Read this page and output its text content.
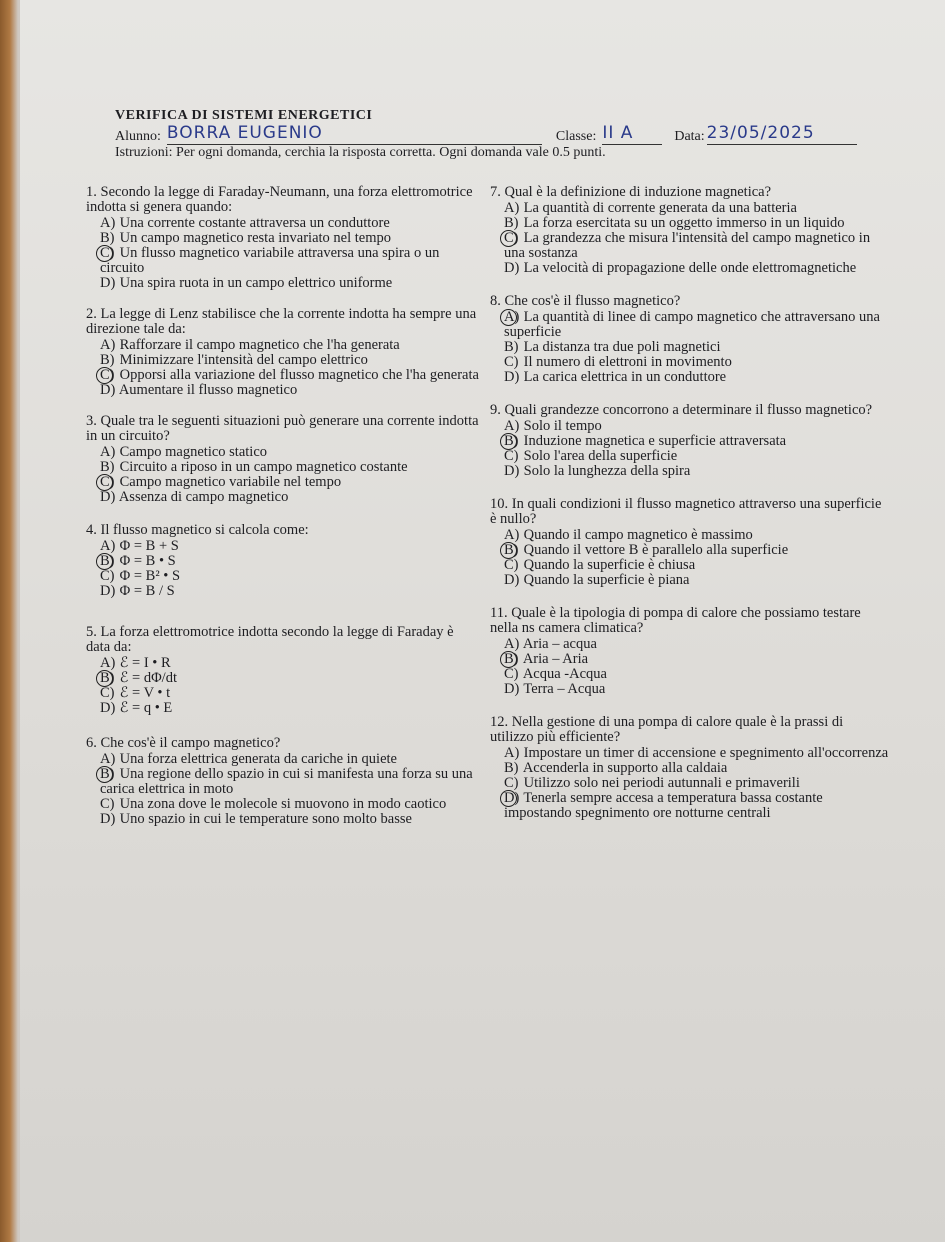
VERIFICA DI SISTEMI ENERGETICI
Alunno: BORRA EUGENIO	Classe: II A	Data: 23/05/2025
Istruzioni: Per ogni domanda, cerchia la risposta corretta. Ogni domanda vale 0.5 punti.
1. Secondo la legge di Faraday-Neumann, una forza elettromotrice indotta si genera quando:
A) Una corrente costante attraversa un conduttore
B) Un campo magnetico resta invariato nel tempo
C) Un flusso magnetico variabile attraversa una spira o un circuito
D) Una spira ruota in un campo elettrico uniforme
2. La legge di Lenz stabilisce che la corrente indotta ha sempre una direzione tale da:
A) Rafforzare il campo magnetico che l'ha generata
B) Minimizzare l'intensità del campo elettrico
C) Opporsi alla variazione del flusso magnetico che l'ha generata
D) Aumentare il flusso magnetico
3. Quale tra le seguenti situazioni può generare una corrente indotta in un circuito?
A) Campo magnetico statico
B) Circuito a riposo in un campo magnetico costante
C) Campo magnetico variabile nel tempo
D) Assenza di campo magnetico
4. Il flusso magnetico si calcola come:
A) Φ = B + S
B) Φ = B • S
C) Φ = B² • S
D) Φ = B / S
5. La forza elettromotrice indotta secondo la legge di Faraday è data da:
A) ℰ = I • R
B) ℰ = dΦ/dt
C) ℰ = V • t
D) ℰ = q • E
6. Che cos'è il campo magnetico?
A) Una forza elettrica generata da cariche in quiete
B) Una regione dello spazio in cui si manifesta una forza su una carica elettrica in moto
C) Una zona dove le molecole si muovono in modo caotico
D) Uno spazio in cui le temperature sono molto basse
7. Qual è la definizione di induzione magnetica?
A) La quantità di corrente generata da una batteria
B) La forza esercitata su un oggetto immerso in un liquido
C) La grandezza che misura l'intensità del campo magnetico in una sostanza
D) La velocità di propagazione delle onde elettromagnetiche
8. Che cos'è il flusso magnetico?
A) La quantità di linee di campo magnetico che attraversano una superficie
B) La distanza tra due poli magnetici
C) Il numero di elettroni in movimento
D) La carica elettrica in un conduttore
9. Quali grandezze concorrono a determinare il flusso magnetico?
A) Solo il tempo
B) Induzione magnetica e superficie attraversata
C) Solo l'area della superficie
D) Solo la lunghezza della spira
10. In quali condizioni il flusso magnetico attraverso una superficie è nullo?
A) Quando il campo magnetico è massimo
B) Quando il vettore B è parallelo alla superficie
C) Quando la superficie è chiusa
D) Quando la superficie è piana
11. Quale è la tipologia di pompa di calore che possiamo testare nella ns camera climatica?
A) Aria – acqua
B) Aria – Aria
C) Acqua -Acqua
D) Terra – Acqua
12. Nella gestione di una pompa di calore quale è la prassi di utilizzo più efficiente?
A) Impostare un timer di accensione e spegnimento all'occorrenza
B) Accenderla in supporto alla caldaia
C) Utilizzo solo nei periodi autunnali e primaverili
D) Tenerla sempre accesa a temperatura bassa costante impostando spegnimento ore notturne centrali
